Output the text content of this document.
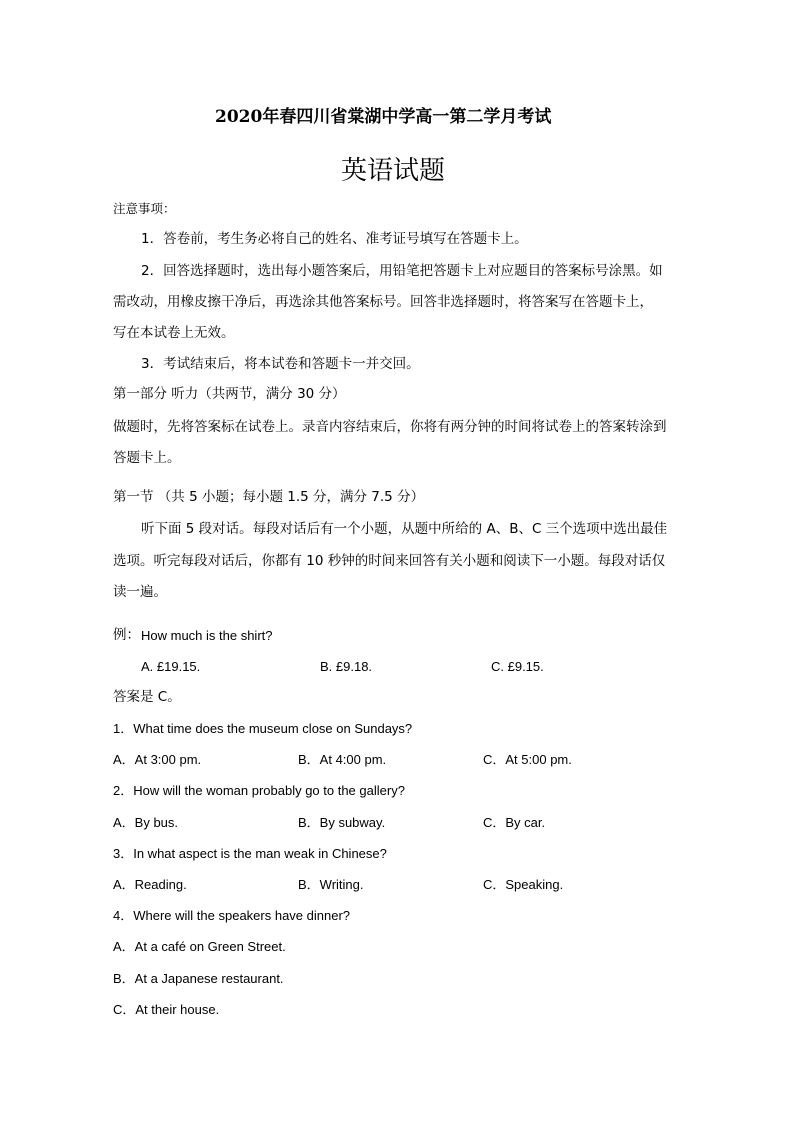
2020年春四川省棠湖中学高一第二学月考试
英语试题
注意事项：
1．答卷前，考生务必将自己的姓名、准考证号填写在答题卡上。
2．回答选择题时，选出每小题答案后，用铅笔把答题卡上对应题目的答案标号涂黑。如
需改动，用橡皮擦干净后，再选涂其他答案标号。回答非选择题时，将答案写在答题卡上，
写在本试卷上无效。
3．考试结束后，将本试卷和答题卡一并交回。
第一部分 听力（共两节，满分 30 分）
做题时，先将答案标在试卷上。录音内容结束后，你将有两分钟的时间将试卷上的答案转涂到
答题卡上。
第一节 （共 5 小题；每小题 1.5 分，满分 7.5 分）
听下面 5 段对话。每段对话后有一个小题，从题中所给的 A、B、C 三个选项中选出最佳
选项。听完每段对话后，你都有 10 秒钟的时间来回答有关小题和阅读下一小题。每段对话仅
读一遍。
例： How much is the shirt?
A. £19.15.	B. £9.18.	C. £9.15.
答案是 C。
1．What time does the museum close on Sundays?
A．At 3:00 pm.	B．At 4:00 pm.	C．At 5:00 pm.
2．How will the woman probably go to the gallery?
A．By bus.	B．By subway.	C．By car.
3．In what aspect is the man weak in Chinese?
A．Reading.	B．Writing.	C．Speaking.
4．Where will the speakers have dinner?
A．At a café on Green Street.
B．At a Japanese restaurant.
C．At their house.
